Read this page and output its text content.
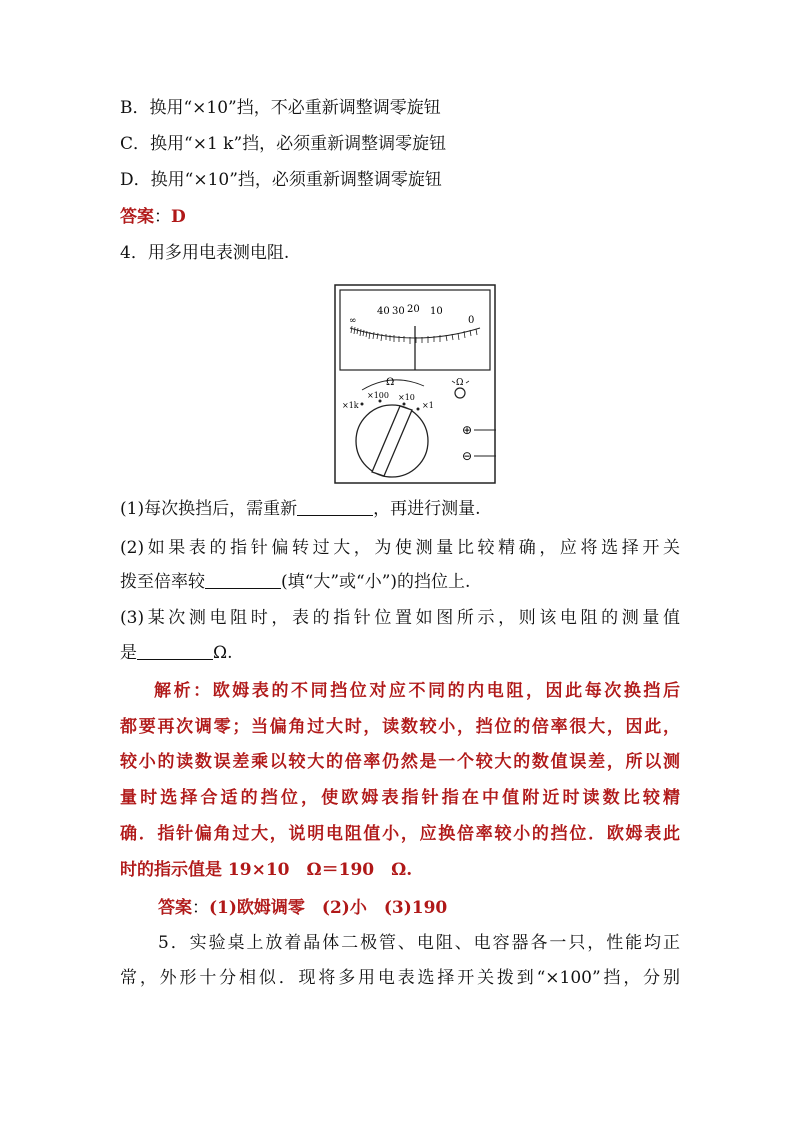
B．换用“×10”挡，不必重新调整调零旋钮
C．换用“×1 k”挡，必须重新调整调零旋钮
D．换用“×10”挡，必须重新调整调零旋钮
答案：D
4．用多用电表测电阻.
∞
40 30 20 10
0
Ω
×100 ×10
×1k	×1
Ω
⊕
⊖
(1)每次换挡后，需重新	，再进行测量.
(2)如果表的指针偏转过大，为使测量比较精确，应将选择开关
拨至倍率较	(填“大”或“小”)的挡位上.
(3)某次测电阻时，表的指针位置如图所示，则该电阻的测量值
是	Ω.
解析：欧姆表的不同挡位对应不同的内电阻，因此每次换挡后
都要再次调零；当偏角过大时，读数较小，挡位的倍率很大，因此，
较小的读数误差乘以较大的倍率仍然是一个较大的数值误差，所以测
量时选择合适的挡位，使欧姆表指针指在中值附近时读数比较精
确．指针偏角过大，说明电阻值小，应换倍率较小的挡位．欧姆表此
时的指示值是 19×10　Ω＝190　Ω.
答案：(1)欧姆调零　(2)小　(3)190
5．实验桌上放着晶体二极管、电阻、电容器各一只，性能均正
常，外形十分相似．现将多用电表选择开关拨到“×100”挡，分别
